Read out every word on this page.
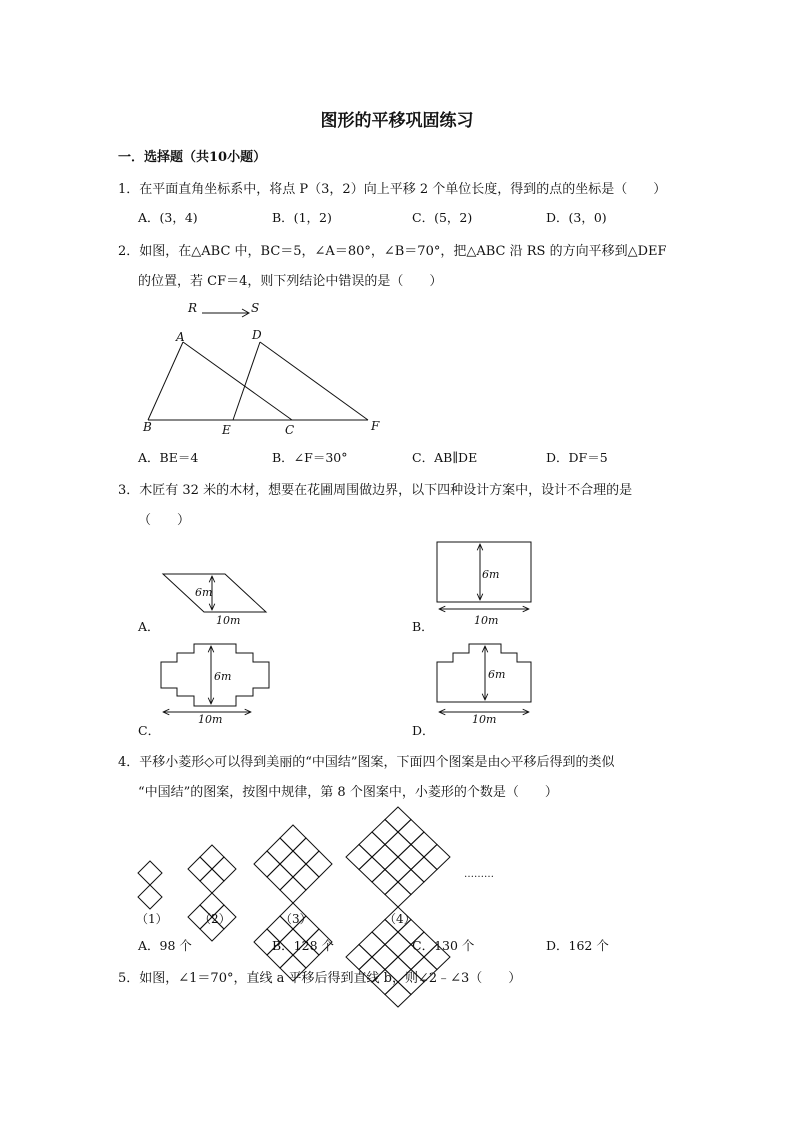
图形的平移巩固练习
一．选择题（共10小题）
1．在平面直角坐标系中，将点 P（3，2）向上平移 2 个单位长度，得到的点的坐标是（　　）
A．(3，4)	B．(1，2)	C．(5，2)	D．(3，0)
2．如图，在△ABC 中，BC＝5，∠A＝80°，∠B＝70°，把△ABC 沿 RS 的方向平移到△DEF
的位置，若 CF＝4，则下列结论中错误的是（　　）
R	S
A	D
B	E	C	F
A．BE＝4	B．∠F＝30°	C．AB∥DE	D．DF＝5
3．木匠有 32 米的木材，想要在花圃周围做边界，以下四种设计方案中，设计不合理的是
（　　）
6m
10m
6m
10m
6m
10m
6m
10m
A．	B．
C．	D．
4．平移小菱形◇可以得到美丽的“中国结”图案，下面四个图案是由◇平移后得到的类似
“中国结”的图案，按图中规律，第 8 个图案中，小菱形的个数是（　　）
（1）	（2）	（3）	（4）
………
A．98 个	B．128 个	C．130 个	D．162 个
5．如图，∠1＝70°，直线 a 平移后得到直线 b，则∠2﹣∠3（　　）
